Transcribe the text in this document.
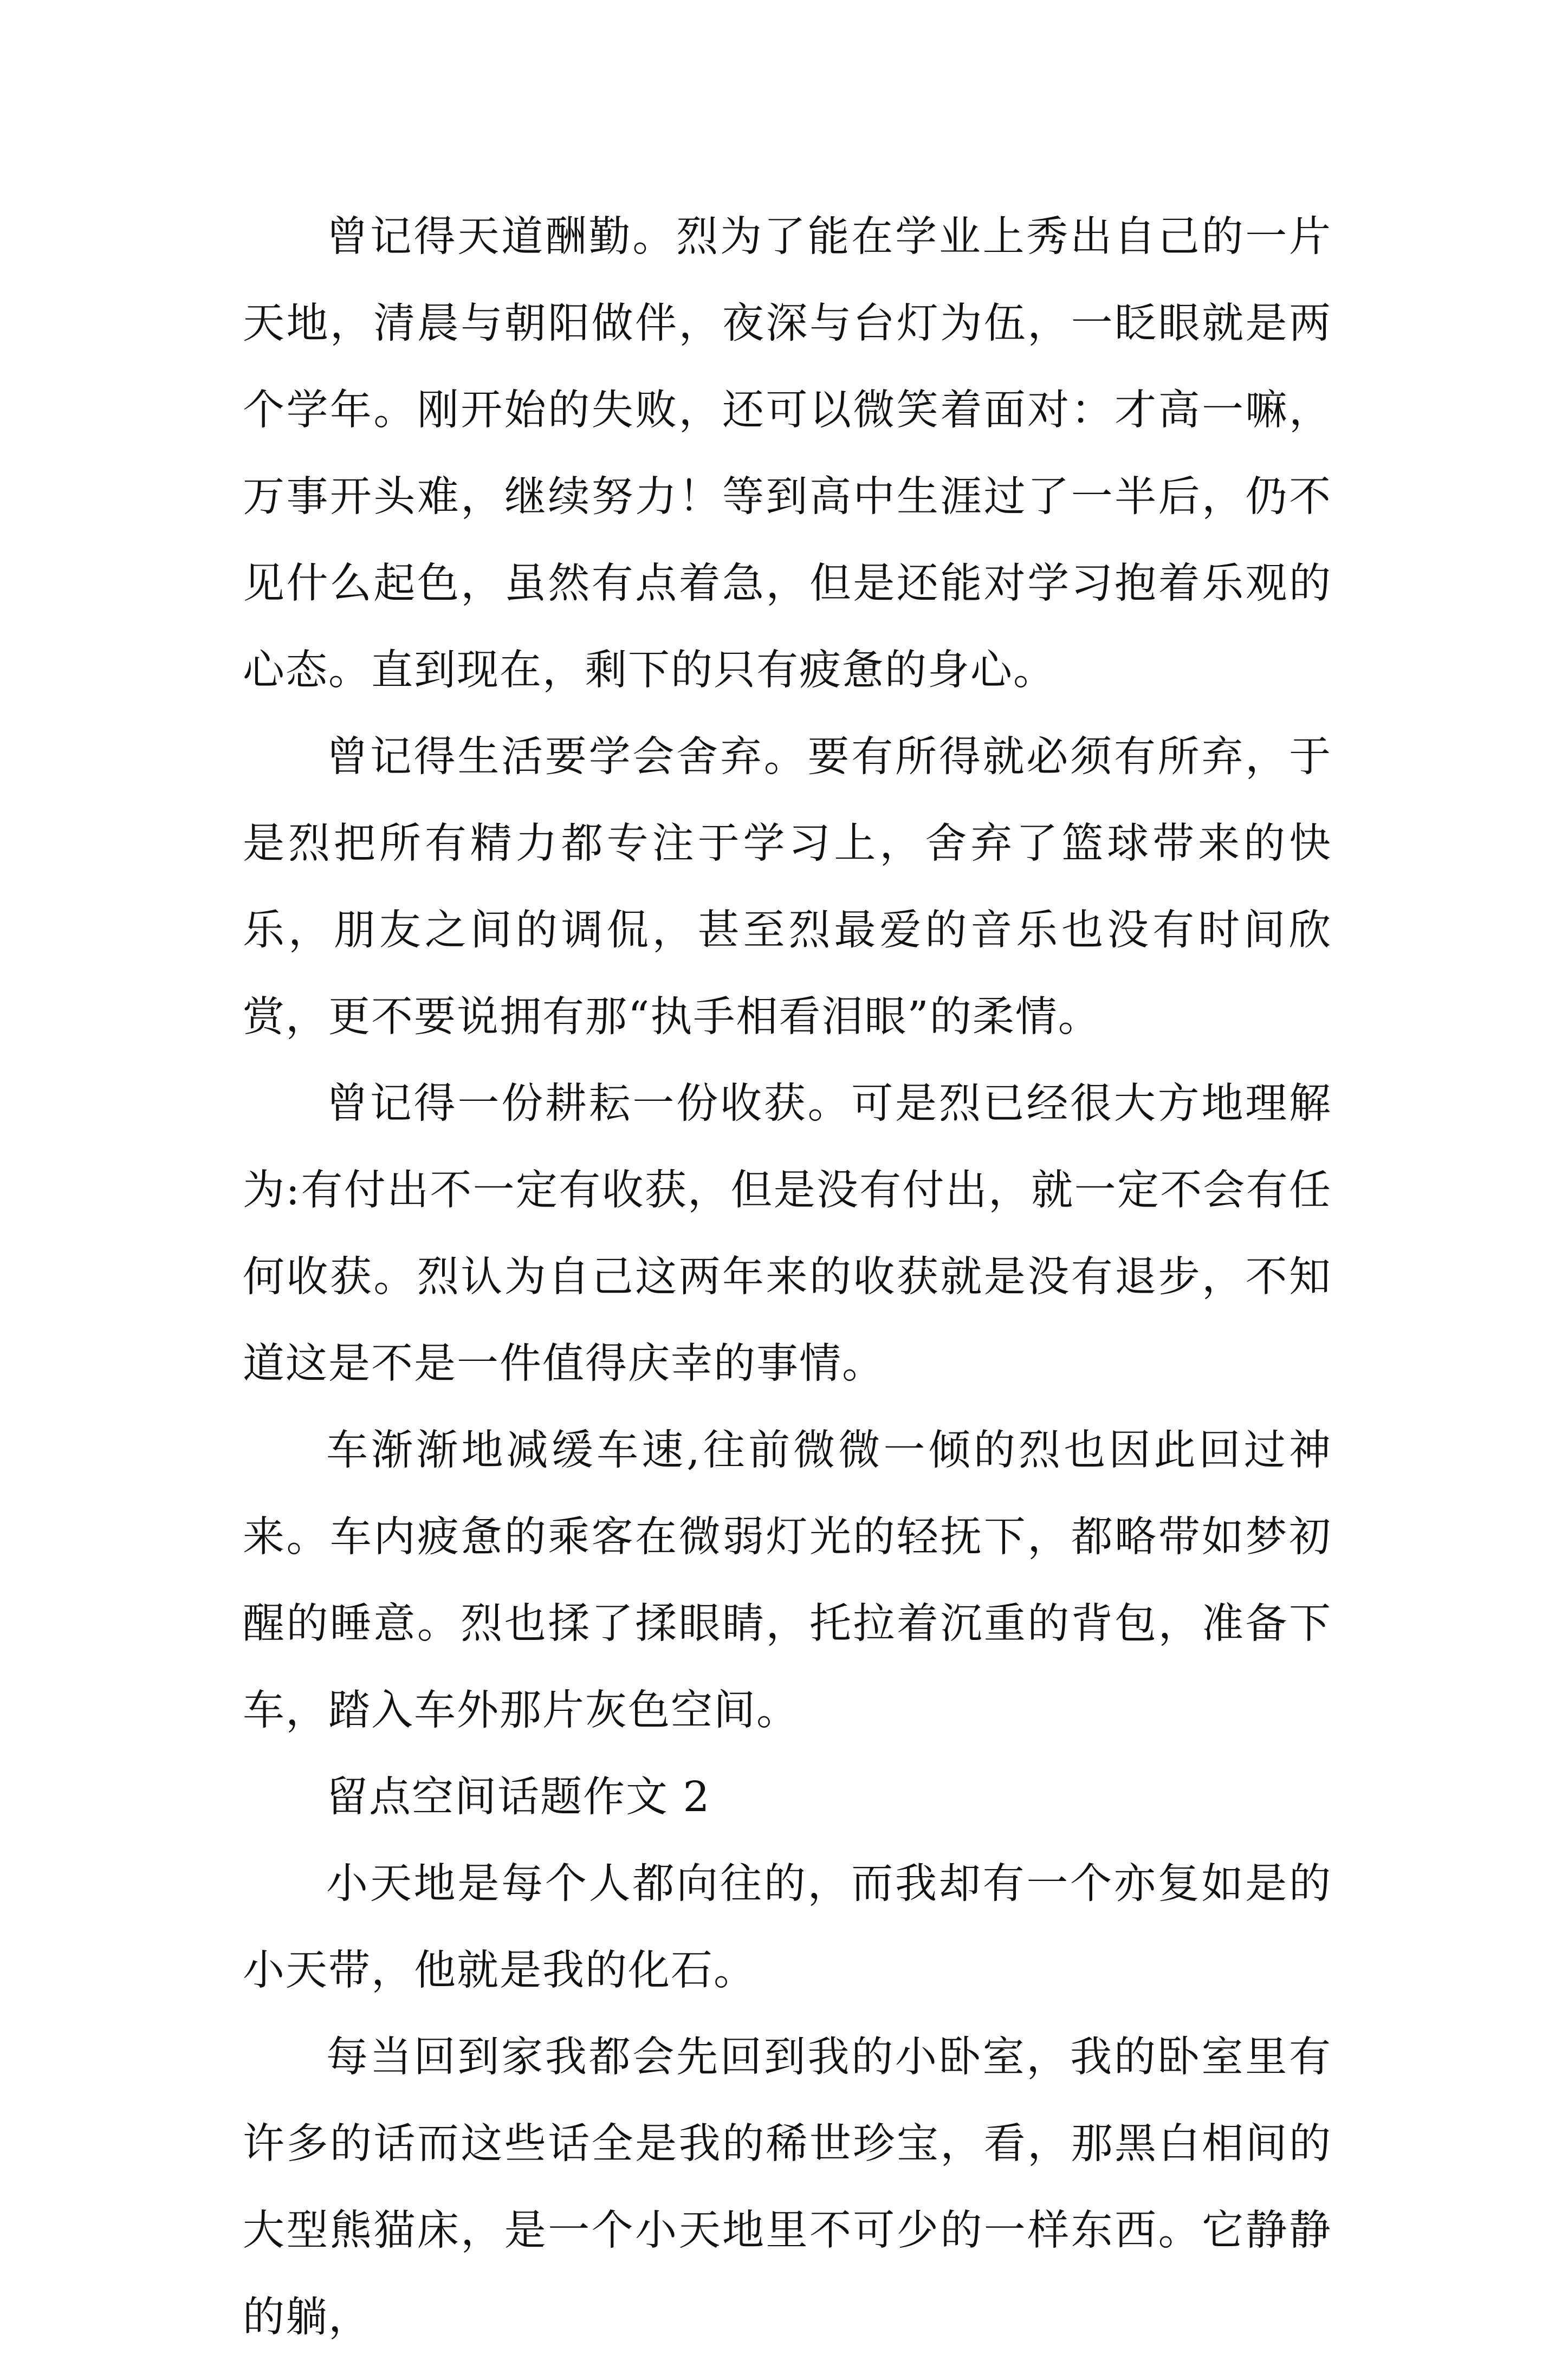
曾记得天道酬勤。烈为了能在学业上秀出自己的一片天地，清晨与朝阳做伴，夜深与台灯为伍，一眨眼就是两个学年。刚开始的失败，还可以微笑着面对：才高一嘛，万事开头难，继续努力！等到高中生涯过了一半后，仍不见什么起色，虽然有点着急，但是还能对学习抱着乐观的心态。直到现在，剩下的只有疲惫的身心。

曾记得生活要学会舍弃。要有所得就必须有所弃，于是烈把所有精力都专注于学习上，舍弃了篮球带来的快乐，朋友之间的调侃，甚至烈最爱的音乐也没有时间欣赏，更不要说拥有那“执手相看泪眼”的柔情。

曾记得一份耕耘一份收获。可是烈已经很大方地理解为:有付出不一定有收获，但是没有付出，就一定不会有任何收获。烈认为自己这两年来的收获就是没有退步，不知道这是不是一件值得庆幸的事情。

车渐渐地减缓车速,往前微微一倾的烈也因此回过神来。车内疲惫的乘客在微弱灯光的轻抚下，都略带如梦初醒的睡意。烈也揉了揉眼睛，托拉着沉重的背包，准备下车，踏入车外那片灰色空间。

留点空间话题作文 2

小天地是每个人都向往的，而我却有一个亦复如是的小天带，他就是我的化石。

每当回到家我都会先回到我的小卧室，我的卧室里有许多的话而这些话全是我的稀世珍宝，看，那黑白相间的大型熊猫床，是一个小天地里不可少的一样东西。它静静的躺，
